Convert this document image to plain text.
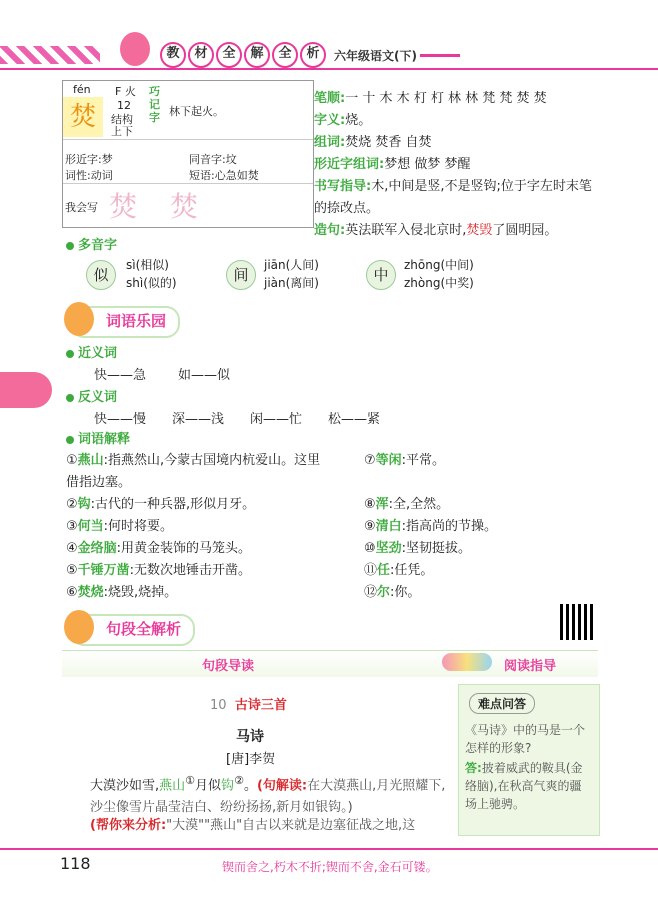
教 材 全 解 全 析	六年级语文(下)
fén F 火
焚
巧记字
12
结构
上下
林下起火。
形近字:梦	同音字:坟
词性:动词	短语:心急如焚
我会写 焚 焚
笔顺:一 十 木 木 朾 朾 林 林 梵 梵 焚 焚
字义:烧。
组词:焚烧 焚香 自焚
形近字组词:梦想 做梦 梦醒
书写指导:木,中间是竖,不是竖钩;位于字左时末笔的捺改点。
造句:英法联军入侵北京时,焚毁了圆明园。
多音字
似
sì(相似)
shì(似的)	间
jiān(人间)
jiàn(离间)	中
zhōng(中间)
zhòng(中奖)
词语乐园
近义词
快——急 如——似
反义词
快——慢 深——浅 闲——忙 松——紧
词语解释
①燕山:指燕然山,今蒙古国境内杭爱山。这里借指边塞。
②钩:古代的一种兵器,形似月牙。
③何当:何时将要。
④金络脑:用黄金装饰的马笼头。
⑤千锤万凿:无数次地锤击开凿。
⑥焚烧:烧毁,烧掉。
⑦等闲:平常。
⑧浑:全,全然。
⑨清白:指高尚的节操。
⑩坚劲:坚韧挺拔。
⑪任:任凭。
⑫尔:你。
句段全解析
句段导读	阅读指导
10 古诗三首
马诗
[唐]李贺
大漠沙如雪,燕山①月似钩②。(句解读:在大漠燕山,月光照耀下,沙尘像雪片晶莹洁白、纷纷扬扬,新月如银钩。)
(帮你来分析:"大漠""燕山"自古以来就是边塞征战之地,这
难点问答
《马诗》中的马是一个怎样的形象?
答:披着威武的鞍具(金络脑),在秋高气爽的疆场上驰骋。
118	锲而舍之,朽木不折;锲而不舍,金石可镂。
